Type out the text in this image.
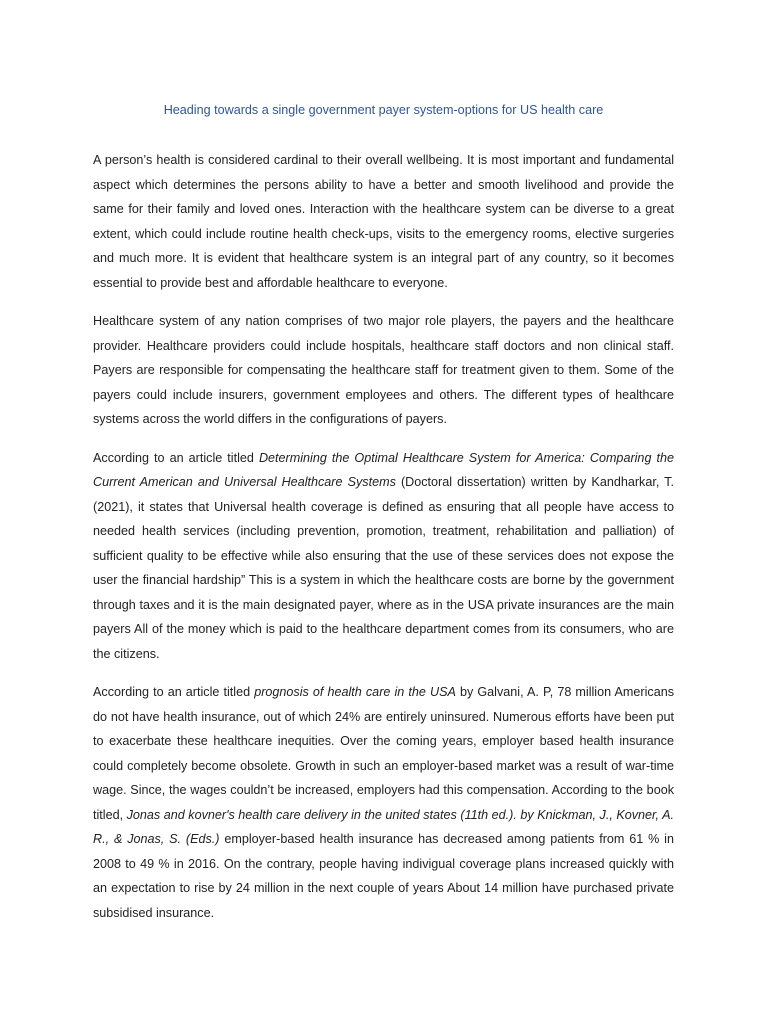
Heading towards a single government payer system-options for US health care

A person’s health is considered cardinal to their overall wellbeing. It is most important and fundamental aspect which determines the persons ability to have a better and smooth livelihood and provide the same for their family and loved ones. Interaction with the healthcare system can be diverse to a great extent, which could include routine health check-ups, visits to the emergency rooms, elective surgeries and much more. It is evident that healthcare system is an integral part of any country, so it becomes essential to provide best and affordable healthcare to everyone.

Healthcare system of any nation comprises of two major role players, the payers and the healthcare provider. Healthcare providers could include hospitals, healthcare staff doctors and non clinical staff. Payers are responsible for compensating the healthcare staff for treatment given to them. Some of the payers could include insurers, government employees and others. The different types of healthcare systems across the world differs in the configurations of payers.

According to an article titled Determining the Optimal Healthcare System for America: Comparing the Current American and Universal Healthcare Systems (Doctoral dissertation) written by Kandharkar, T. (2021), it states that Universal health coverage is defined as ensuring that all people have access to needed health services (including prevention, promotion, treatment, rehabilitation and palliation) of sufficient quality to be effective while also ensuring that the use of these services does not expose the user the financial hardship” This is a system in which the healthcare costs are borne by the government through taxes and it is the main designated payer, where as in the USA private insurances are the main payers All of the money which is paid to the healthcare department comes from its consumers, who are the citizens.

According to an article titled prognosis of health care in the USA by Galvani, A. P, 78 million Americans do not have health insurance, out of which 24% are entirely uninsured. Numerous efforts have been put to exacerbate these healthcare inequities. Over the coming years, employer based health insurance could completely become obsolete. Growth in such an employer-based market was a result of war-time wage. Since, the wages couldn’t be increased, employers had this compensation. According to the book titled, Jonas and kovner's health care delivery in the united states (11th ed.). by Knickman, J., Kovner, A. R., & Jonas, S. (Eds.) employer-based health insurance has decreased among patients from 61 % in 2008 to 49 % in 2016. On the contrary, people having indivigual coverage plans increased quickly with an expectation to rise by 24 million in the next couple of years About 14 million have purchased private subsidised insurance.
